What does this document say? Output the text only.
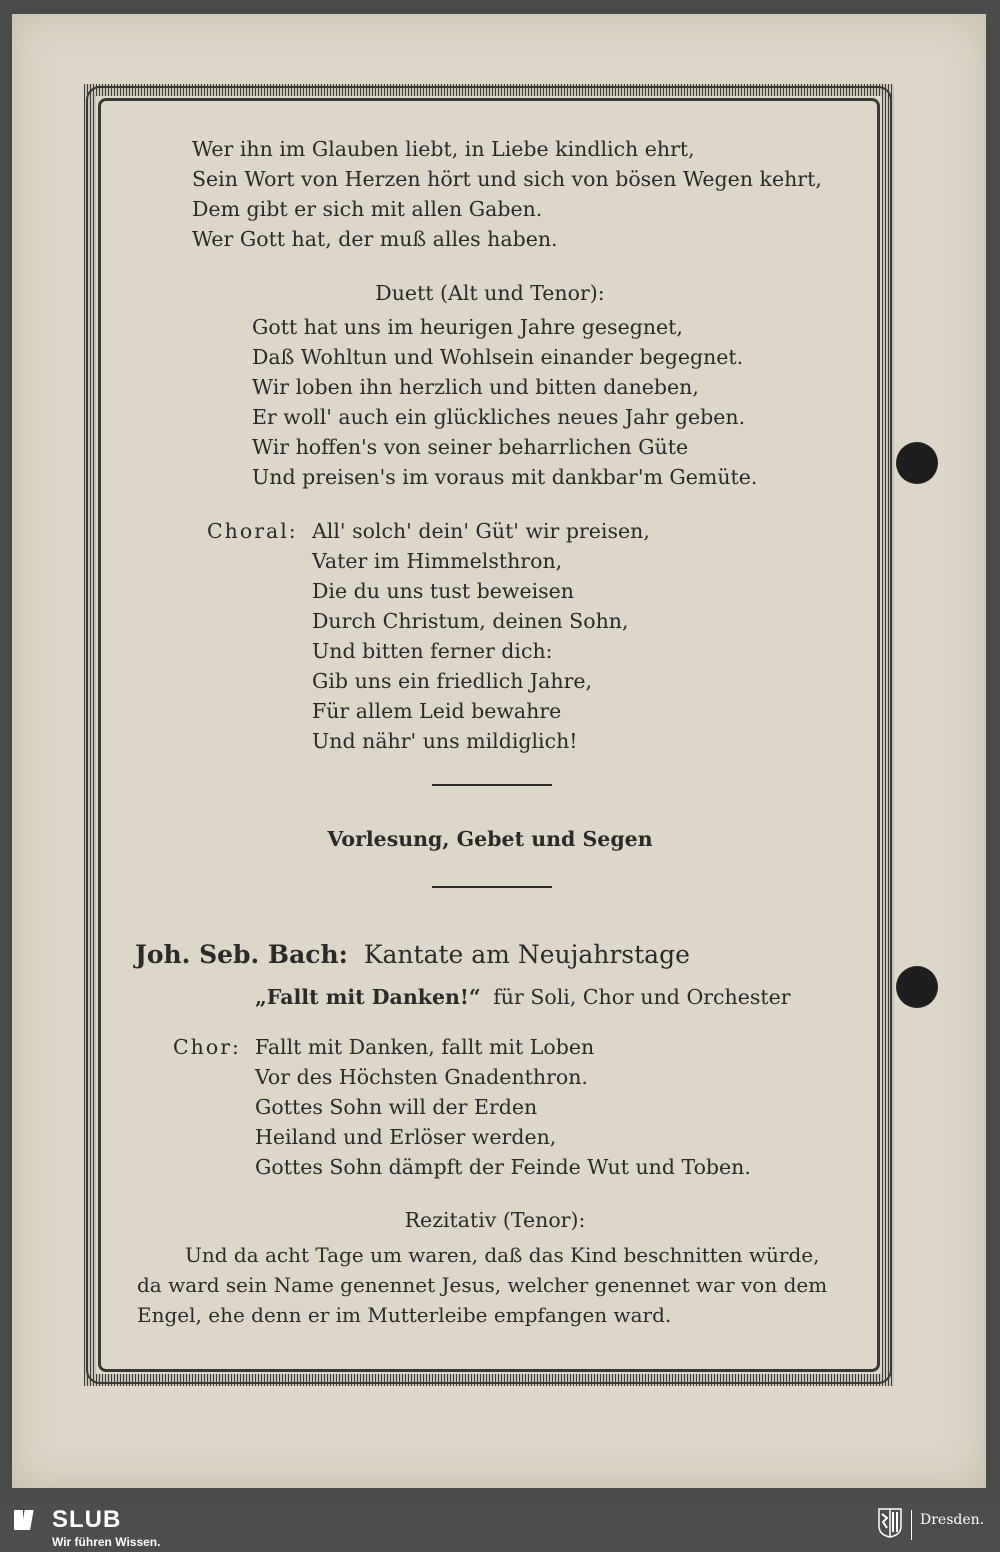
Wer ihn im Glauben liebt, in Liebe kindlich ehrt,
Sein Wort von Herzen hört und sich von bösen Wegen kehrt,
Dem gibt er sich mit allen Gaben.
Wer Gott hat, der muß alles haben.
Duett (Alt und Tenor):
Gott hat uns im heurigen Jahre gesegnet,
Daß Wohltun und Wohlsein einander begegnet.
Wir loben ihn herzlich und bitten daneben,
Er woll' auch ein glückliches neues Jahr geben.
Wir hoffen's von seiner beharrlichen Güte
Und preisen's im voraus mit dankbar'm Gemüte.
Choral: All' solch' dein' Güt' wir preisen,
Vater im Himmelsthron,
Die du uns tust beweisen
Durch Christum, deinen Sohn,
Und bitten ferner dich:
Gib uns ein friedlich Jahre,
Für allem Leid bewahre
Und nähr' uns mildiglich!
Vorlesung, Gebet und Segen
Joh. Seb. Bach: Kantate am Neujahrstage
„Fallt mit Danken!“ für Soli, Chor und Orchester
Chor: Fallt mit Danken, fallt mit Loben
Vor des Höchsten Gnadenthron.
Gottes Sohn will der Erden
Heiland und Erlöser werden,
Gottes Sohn dämpft der Feinde Wut und Toben.
Rezitativ (Tenor):
Und da acht Tage um waren, daß das Kind beschnitten würde,
da ward sein Name genennet Jesus, welcher genennet war von dem
Engel, ehe denn er im Mutterleibe empfangen ward.
SLUB
Wir führen Wissen.
Dresden.
